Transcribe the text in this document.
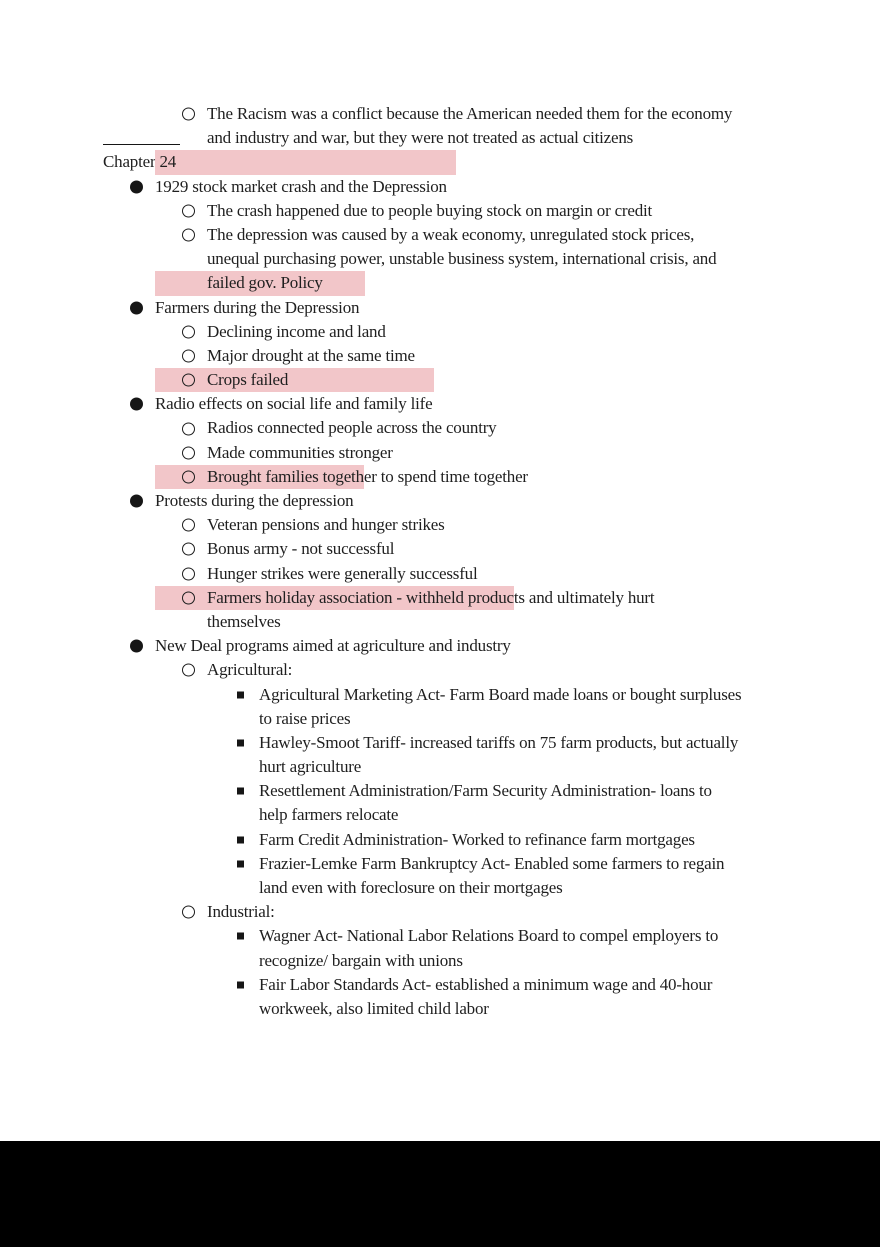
The Racism was a conflict because the American needed them for the economy
and industry and war, but they were not treated as actual citizens
Chapter 24
1929 stock market crash and the Depression
The crash happened due to people buying stock on margin or credit
The depression was caused by a weak economy, unregulated stock prices,
unequal purchasing power, unstable business system, international crisis, and
failed gov. Policy
Farmers during the Depression
Declining income and land
Major drought at the same time
Crops failed
Radio effects on social life and family life
Radios connected people across the country
Made communities stronger
Brought families together to spend time together
Protests during the depression
Veteran pensions and hunger strikes
Bonus army - not successful
Hunger strikes were generally successful
Farmers holiday association - withheld products and ultimately hurt
themselves
New Deal programs aimed at agriculture and industry
Agricultural:
Agricultural Marketing Act- Farm Board made loans or bought surpluses
to raise prices
Hawley-Smoot Tariff- increased tariffs on 75 farm products, but actually
hurt agriculture
Resettlement Administration/Farm Security Administration- loans to
help farmers relocate
Farm Credit Administration- Worked to refinance farm mortgages
Frazier-Lemke Farm Bankruptcy Act- Enabled some farmers to regain
land even with foreclosure on their mortgages
Industrial:
Wagner Act- National Labor Relations Board to compel employers to
recognize/ bargain with unions
Fair Labor Standards Act- established a minimum wage and 40-hour
workweek, also limited child labor
